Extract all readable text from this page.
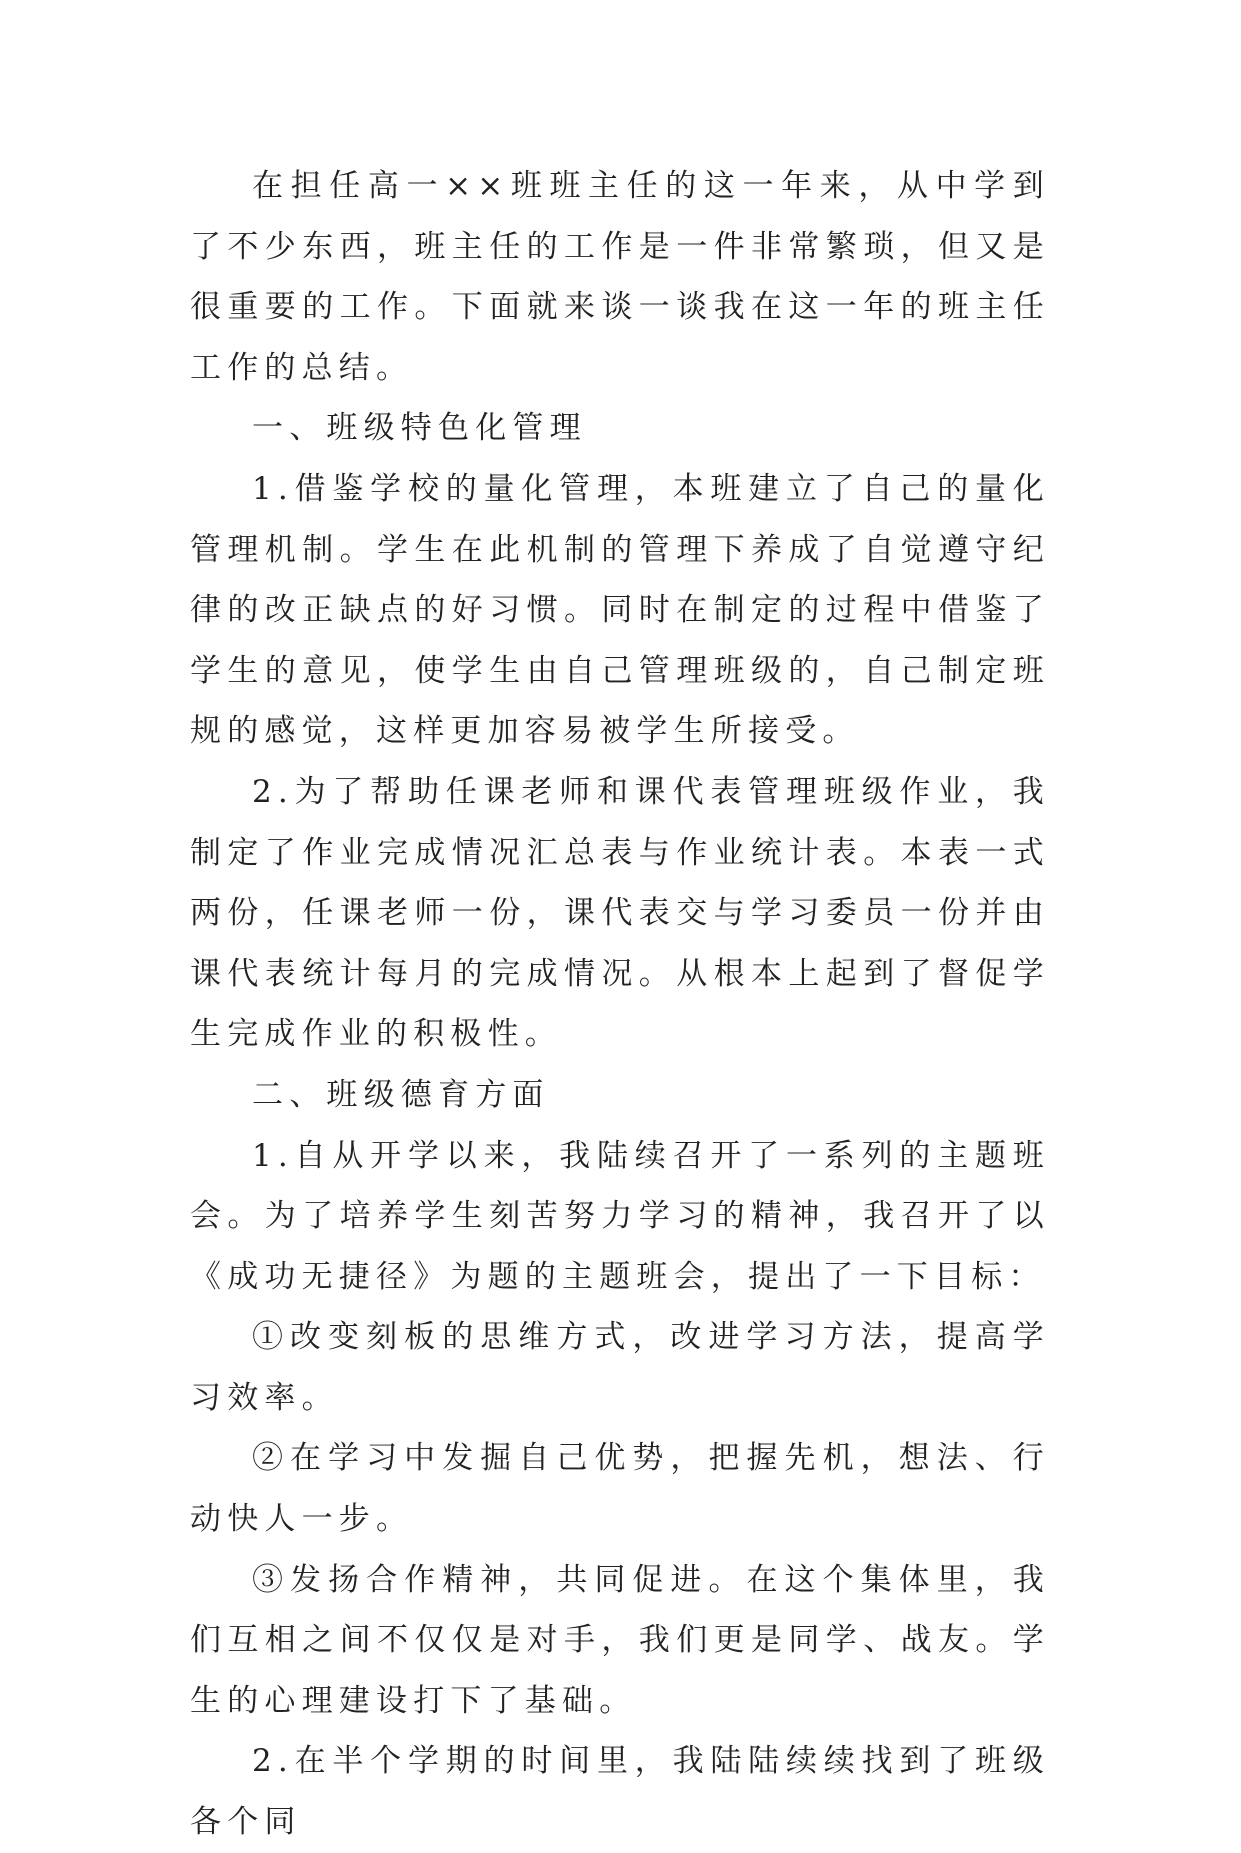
在担任高一××班班主任的这一年来，从中学到了不少东西，班主任的工作是一件非常繁琐，但又是很重要的工作。下面就来谈一谈我在这一年的班主任工作的总结。

一、班级特色化管理

1.借鉴学校的量化管理，本班建立了自己的量化管理机制。学生在此机制的管理下养成了自觉遵守纪律的改正缺点的好习惯。同时在制定的过程中借鉴了学生的意见，使学生由自己管理班级的，自己制定班规的感觉，这样更加容易被学生所接受。

2.为了帮助任课老师和课代表管理班级作业，我制定了作业完成情况汇总表与作业统计表。本表一式两份，任课老师一份，课代表交与学习委员一份并由课代表统计每月的完成情况。从根本上起到了督促学生完成作业的积极性。

二、班级德育方面

1.自从开学以来，我陆续召开了一系列的主题班会。为了培养学生刻苦努力学习的精神，我召开了以《成功无捷径》为题的主题班会，提出了一下目标：

①改变刻板的思维方式，改进学习方法，提高学习效率。

②在学习中发掘自己优势，把握先机，想法、行动快人一步。

③发扬合作精神，共同促进。在这个集体里，我们互相之间不仅仅是对手，我们更是同学、战友。学生的心理建设打下了基础。

2.在半个学期的时间里，我陆陆续续找到了班级各个同
